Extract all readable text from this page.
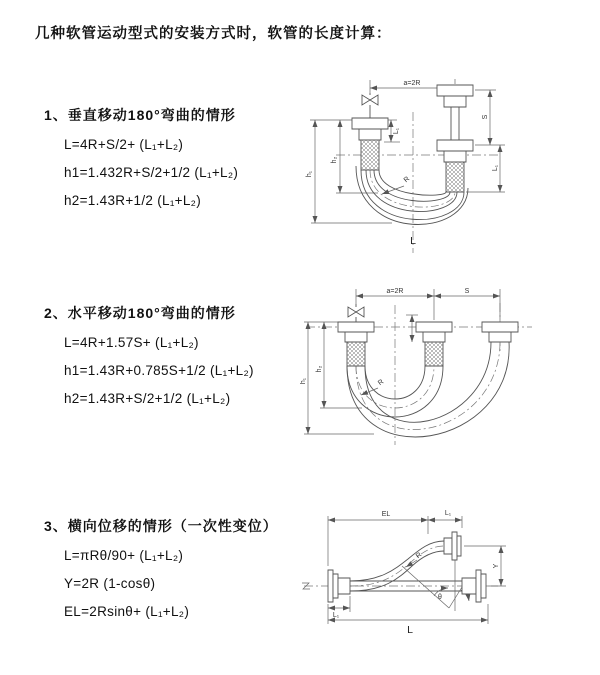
几种软管运动型式的安装方式时，软管的长度计算：
1、垂直移动180°弯曲的情形
L=4R+S/2+ (L₁+L₂)
h1=1.432R+S/2+1/2 (L₁+L₂)
h2=1.43R+1/2 (L₁+L₂)
a=2R
h₁
h₂
L₁
S
L₁
R
L
2、水平移动180°弯曲的情形
L=4R+1.57S+ (L₁+L₂)
h1=1.43R+0.785S+1/2 (L₁+L₂)
h2=1.43R+S/2+1/2 (L₁+L₂)
a=2R	S
h₁
h₂
R
3、横向位移的情形（一次性变位）
L=πRθ/90+ (L₁+L₂)
Y=2R (1-cosθ)
EL=2Rsinθ+ (L₁+L₂)
EL	L₁
Y
θ
R
L₁
L
